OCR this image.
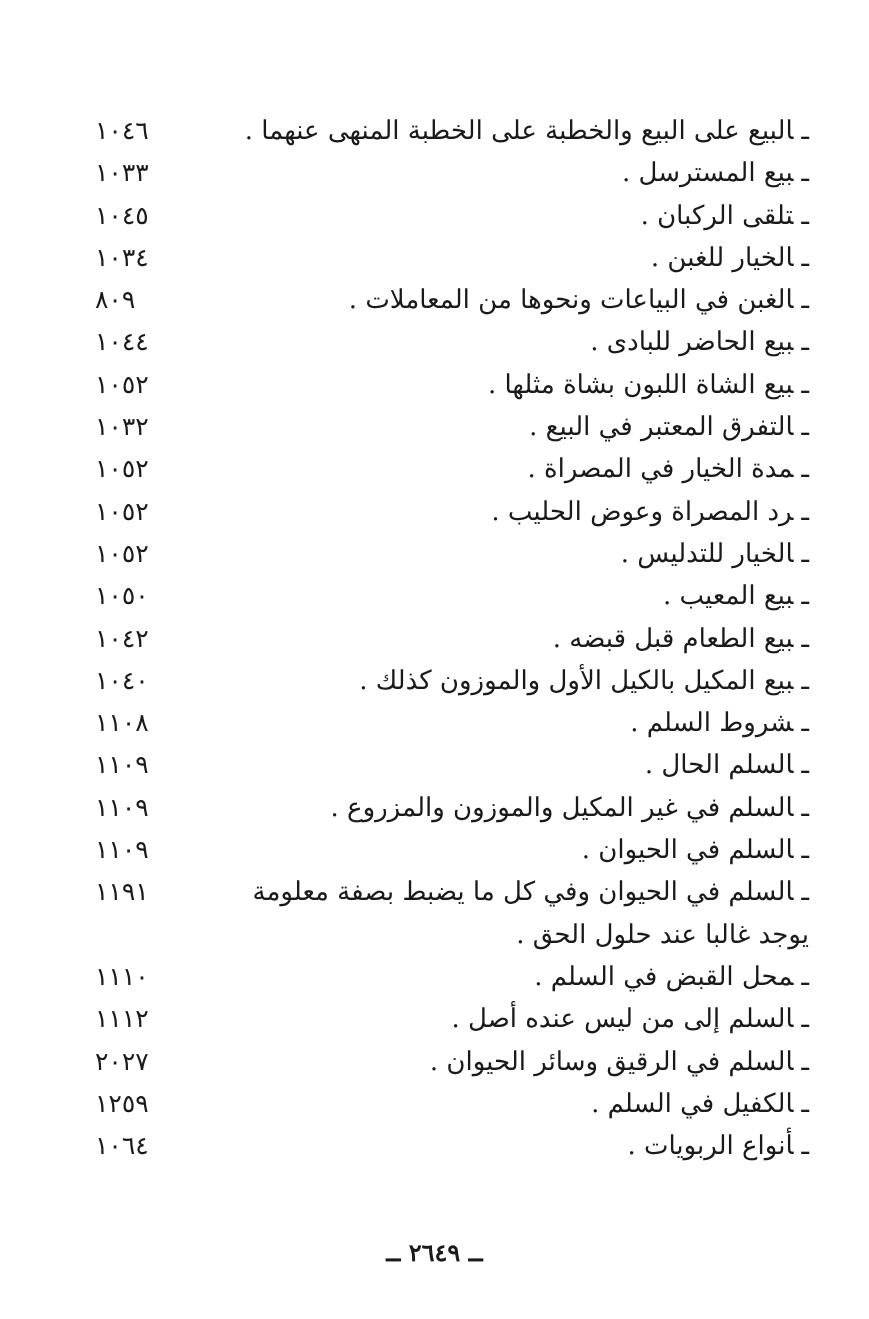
ـالبيع على البيع والخطبة على الخطبة المنهى عنهما .
١٠٤٦
ـبيع المسترسل .
١٠٣٣
ـتلقى الركبان .
١٠٤٥
ـالخيار للغبن .
١٠٣٤
ـالغبن في البياعات ونحوها من المعاملات .
٨٠٩
ـبيع الحاضر للبادى .
١٠٤٤
ـبيع الشاة اللبون بشاة مثلها .
١٠٥٢
ـالتفرق المعتبر في البيع .
١٠٣٢
ـمدة الخيار في المصراة .
١٠٥٢
ـرد المصراة وعوض الحليب .
١٠٥٢
ـالخيار للتدليس .
١٠٥٢
ـبيع المعيب .
١٠٥٠
ـبيع الطعام قبل قبضه .
١٠٤٢
ـبيع المكيل بالكيل الأول والموزون كذلك .
١٠٤٠
ـشروط السلم .
١١٠٨
ـالسلم الحال .
١١٠٩
ـالسلم في غير المكيل والموزون والمزروع .
١١٠٩
ـالسلم في الحيوان .
١١٠٩
ـالسلم في الحيوان وفي كل ما يضبط بصفة معلومة يوجد غالبا عند حلول الحق .
١١٩١
ـمحل القبض في السلم .
١١١٠
ـالسلم إلى من ليس عنده أصل .
١١١٢
ـالسلم في الرقيق وسائر الحيوان .
٢٠٢٧
ـالكفيل في السلم .
١٢٥٩
ـأنواع الربويات .
١٠٦٤
ــ ٢٦٤٩ ــ
